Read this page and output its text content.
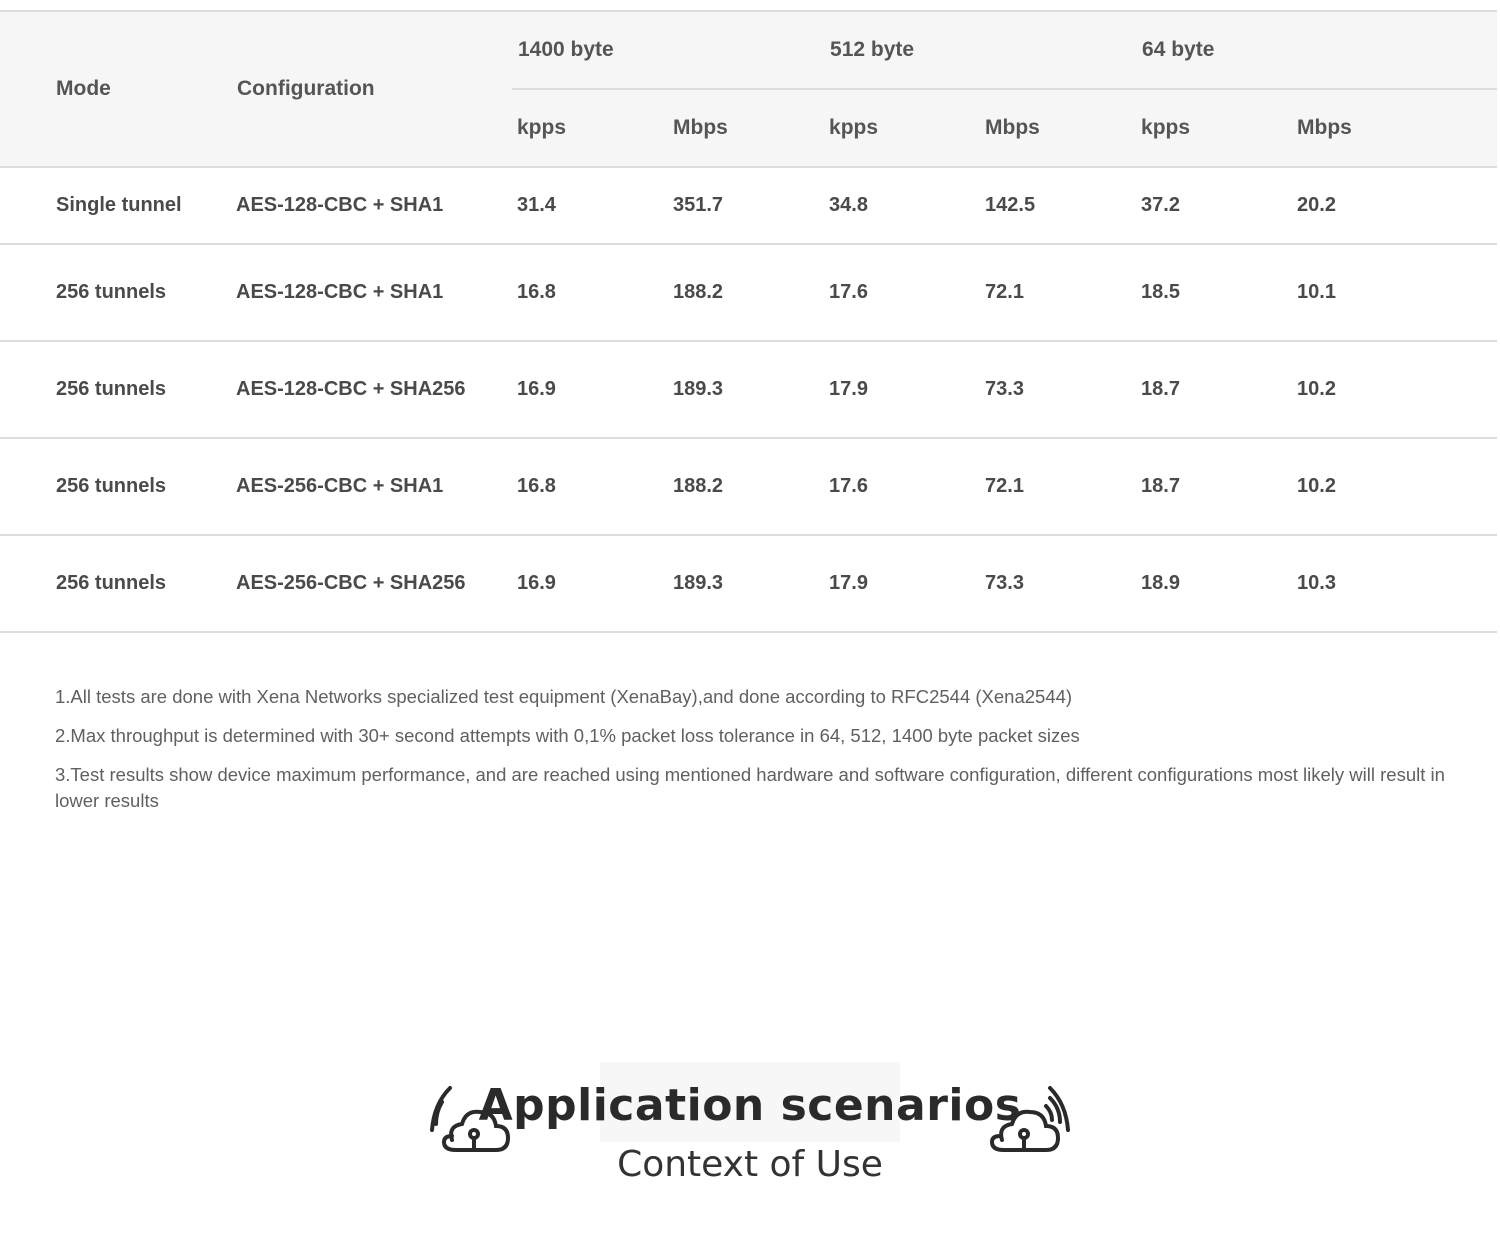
Mode	Configuration	1400 byte		512 byte		64 byte	
		kpps	Mbps	kpps	Mbps	kpps	Mbps
Single tunnel	AES-128-CBC + SHA1	31.4	351.7	34.8	142.5	37.2	20.2
256 tunnels	AES-128-CBC + SHA1	16.8	188.2	17.6	72.1	18.5	10.1
256 tunnels	AES-128-CBC + SHA256	16.9	189.3	17.9	73.3	18.7	10.2
256 tunnels	AES-256-CBC + SHA1	16.8	188.2	17.6	72.1	18.7	10.2
256 tunnels	AES-256-CBC + SHA256	16.9	189.3	17.9	73.3	18.9	10.3

1.All tests are done with Xena Networks specialized test equipment (XenaBay),and done according to RFC2544 (Xena2544)

2.Max throughput is determined with 30+ second attempts with 0,1% packet loss tolerance in 64, 512, 1400 byte packet sizes

3.Test results show device maximum performance, and are reached using mentioned hardware and software configuration, different configurations most likely will result in lower results

Application scenarios
Context of Use
